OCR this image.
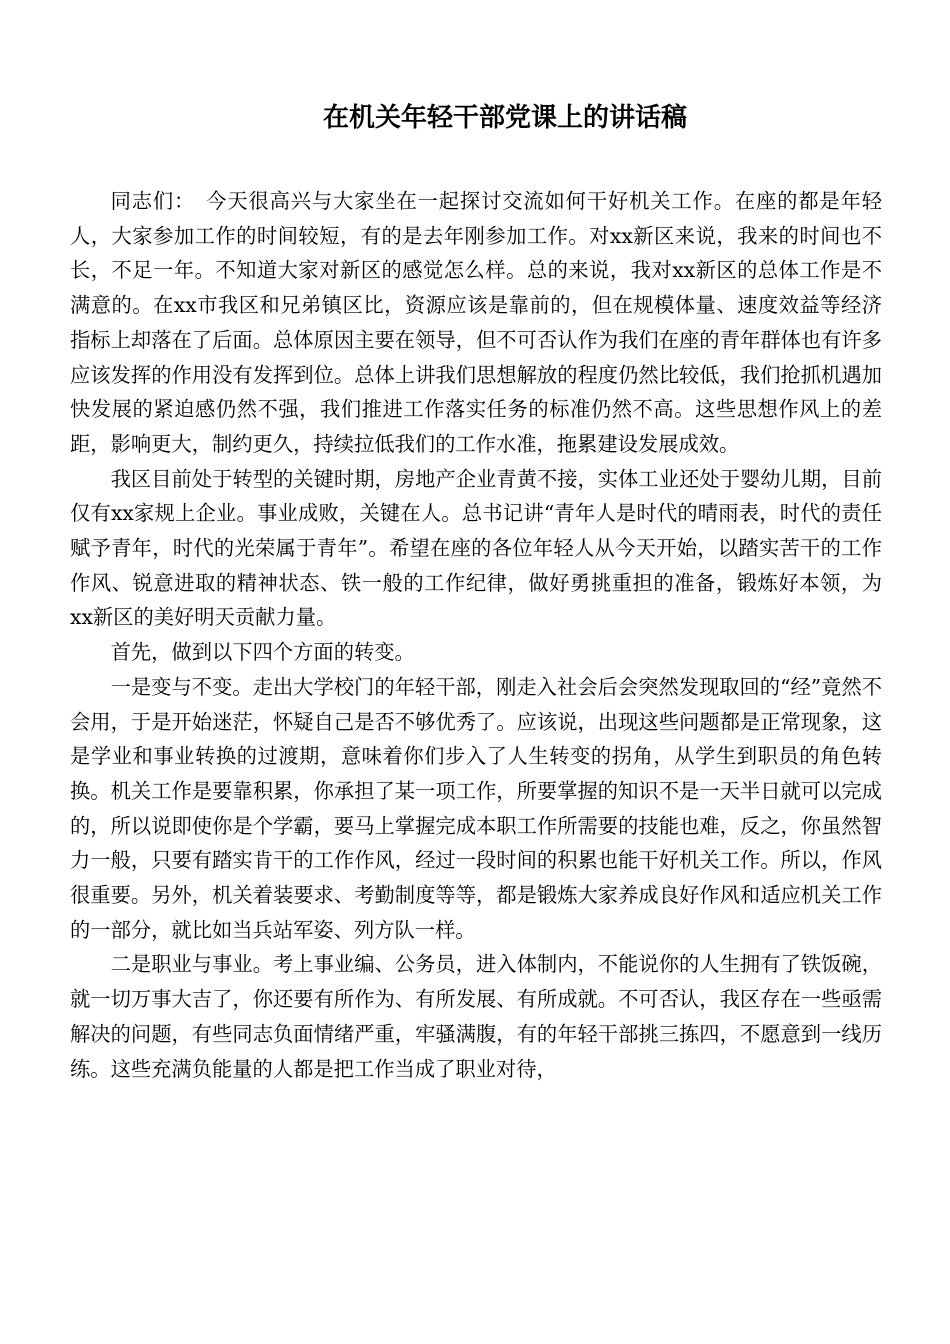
在机关年轻干部党课上的讲话稿

同志们：　今天很高兴与大家坐在一起探讨交流如何干好机关工作。在座的都是年轻人，大家参加工作的时间较短，有的是去年刚参加工作。对xx新区来说，我来的时间也不长，不足一年。不知道大家对新区的感觉怎么样。总的来说，我对xx新区的总体工作是不满意的。在xx市我区和兄弟镇区比，资源应该是靠前的，但在规模体量、速度效益等经济指标上却落在了后面。总体原因主要在领导，但不可否认作为我们在座的青年群体也有许多应该发挥的作用没有发挥到位。总体上讲我们思想解放的程度仍然比较低，我们抢抓机遇加快发展的紧迫感仍然不强，我们推进工作落实任务的标准仍然不高。这些思想作风上的差距，影响更大，制约更久，持续拉低我们的工作水准，拖累建设发展成效。

我区目前处于转型的关键时期，房地产企业青黄不接，实体工业还处于婴幼儿期，目前仅有xx家规上企业。事业成败，关键在人。总书记讲“青年人是时代的晴雨表，时代的责任赋予青年，时代的光荣属于青年”。希望在座的各位年轻人从今天开始，以踏实苦干的工作作风、锐意进取的精神状态、铁一般的工作纪律，做好勇挑重担的准备，锻炼好本领，为xx新区的美好明天贡献力量。

首先，做到以下四个方面的转变。

一是变与不变。走出大学校门的年轻干部，刚走入社会后会突然发现取回的“经”竟然不会用，于是开始迷茫，怀疑自己是否不够优秀了。应该说，出现这些问题都是正常现象，这是学业和事业转换的过渡期，意味着你们步入了人生转变的拐角，从学生到职员的角色转换。机关工作是要靠积累，你承担了某一项工作，所要掌握的知识不是一天半日就可以完成的，所以说即使你是个学霸，要马上掌握完成本职工作所需要的技能也难，反之，你虽然智力一般，只要有踏实肯干的工作作风，经过一段时间的积累也能干好机关工作。所以，作风很重要。另外，机关着装要求、考勤制度等等，都是锻炼大家养成良好作风和适应机关工作的一部分，就比如当兵站军姿、列方队一样。

二是职业与事业。考上事业编、公务员，进入体制内，不能说你的人生拥有了铁饭碗，就一切万事大吉了，你还要有所作为、有所发展、有所成就。不可否认，我区存在一些亟需解决的问题，有些同志负面情绪严重，牢骚满腹，有的年轻干部挑三拣四，不愿意到一线历练。这些充满负能量的人都是把工作当成了职业对待，
